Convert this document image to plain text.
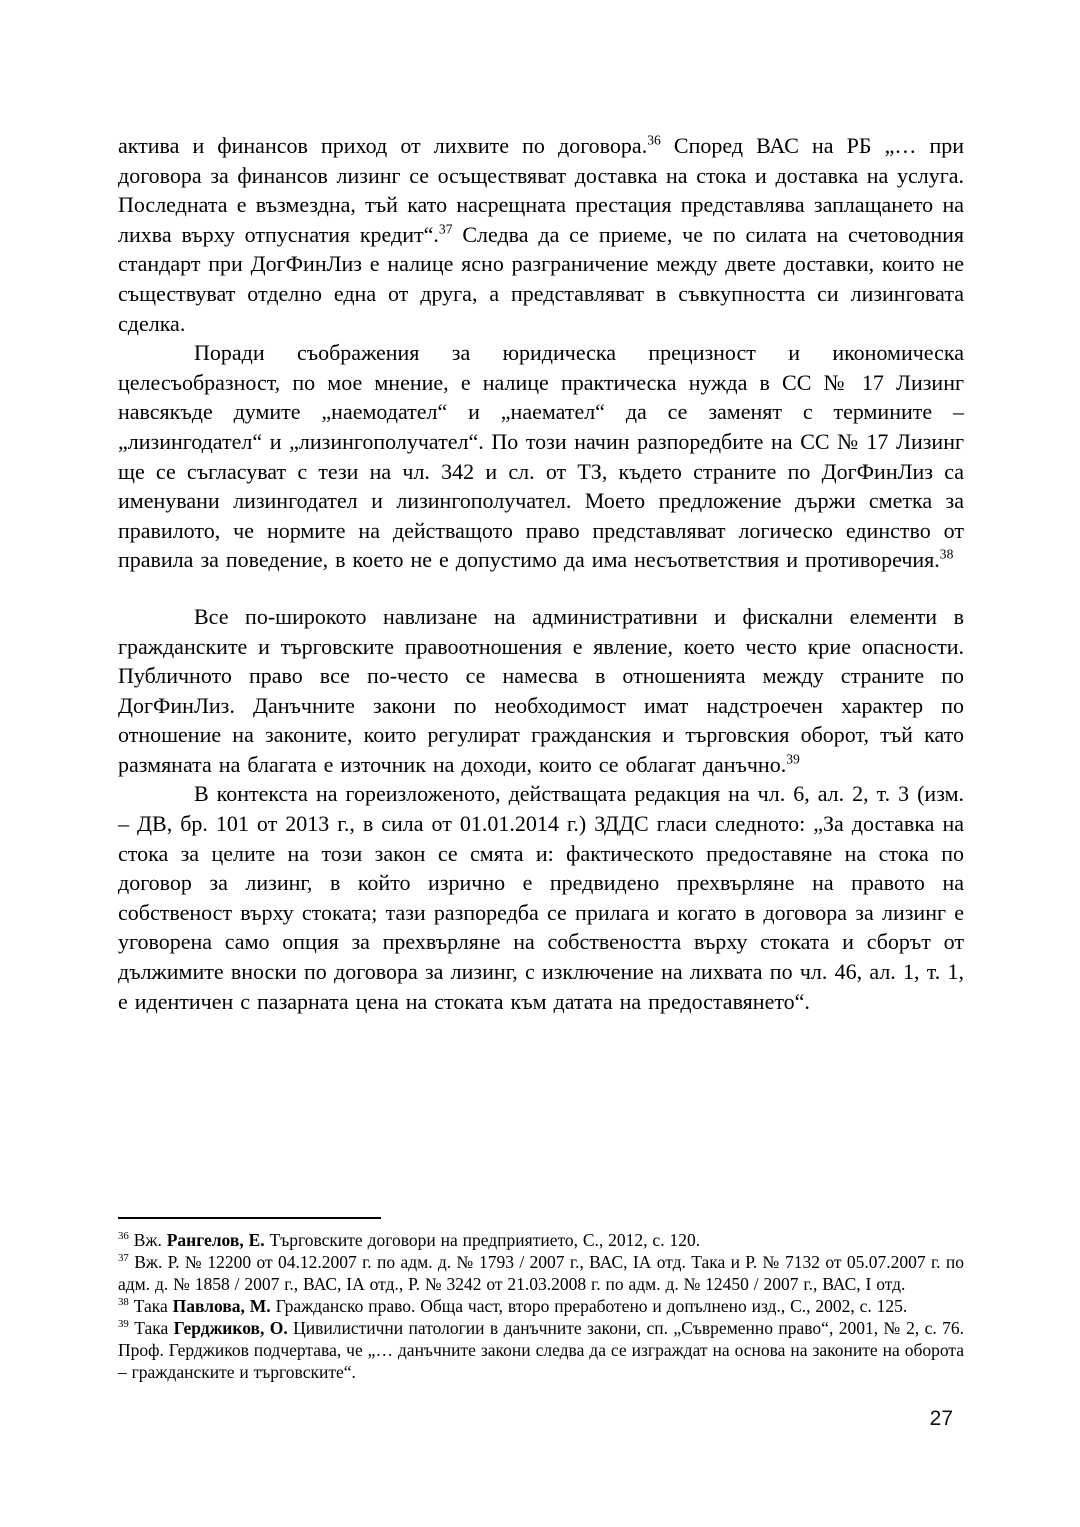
актива и финансов приход от лихвите по договора.$^{36}$ Според ВАС на РБ „… при договора за финансов лизинг се осъществяват доставка на стока и доставка на услуга. Последната е възмездна, тъй като насрещната престация представлява заплащането на лихва върху отпуснатия кредит“.$^{37}$ Следва да се приеме, че по силата на счетоводния стандарт при ДогФинЛиз е налице ясно разграничение между двете доставки, които не съществуват отделно една от друга, а представляват в съвкупността си лизинговата сделка.

Поради съображения за юридическа прецизност и икономическа целесъобразност, по мое мнение, е налице практическа нужда в СС № 17 Лизинг навсякъде думите „наемодател“ и „наемател“ да се заменят с термините – „лизингодател“ и „лизингополучател“. По този начин разпоредбите на СС № 17 Лизинг ще се съгласуват с тези на чл. 342 и сл. от ТЗ, където страните по ДогФинЛиз са именувани лизингодател и лизингополучател. Моето предложение държи сметка за правилото, че нормите на действащото право представляват логическо единство от правила за поведение, в което не е допустимо да има несъответствия и противоречия.$^{38}$

Все по-широкото навлизане на административни и фискални елементи в гражданските и търговските правоотношения е явление, което често крие опасности. Публичното право все по-често се намесва в отношенията между страните по ДогФинЛиз. Данъчните закони по необходимост имат надстроечен характер по отношение на законите, които регулират гражданския и търговския оборот, тъй като размяната на благата е източник на доходи, които се облагат данъчно.$^{39}$

В контекста на гореизложеното, действащата редакция на чл. 6, ал. 2, т. 3 (изм. – ДВ, бр. 101 от 2013 г., в сила от 01.01.2014 г.) ЗДДС гласи следното: „За доставка на стока за целите на този закон се смята и: фактическото предоставяне на стока по договор за лизинг, в който изрично е предвидено прехвърляне на правото на собственост върху стоката; тази разпоредба се прилага и когато в договора за лизинг е уговорена само опция за прехвърляне на собствеността върху стоката и сборът от дължимите вноски по договора за лизинг, с изключение на лихвата по чл. 46, ал. 1, т. 1, е идентичен с пазарната цена на стоката към датата на предоставянето“.

$^{36}$ Вж. Рангелов, Е. Търговските договори на предприятието, С., 2012, с. 120.

$^{37}$ Вж. Р. № 12200 от 04.12.2007 г. по адм. д. № 1793 / 2007 г., ВАС, IА отд. Така и Р. № 7132 от 05.07.2007 г. по адм. д. № 1858 / 2007 г., ВАС, IА отд., Р. № 3242 от 21.03.2008 г. по адм. д. № 12450 / 2007 г., ВАС, I отд.

$^{38}$ Така Павлова, М. Гражданско право. Обща част, второ преработено и допълнено изд., С., 2002, с. 125.

$^{39}$ Така Герджиков, О. Цивилистични патологии в данъчните закони, сп. „Съвременно право“, 2001, № 2, с. 76. Проф. Герджиков подчертава, че „… данъчните закони следва да се изграждат на основа на законите на оборота – гражданските и търговските“.

27
